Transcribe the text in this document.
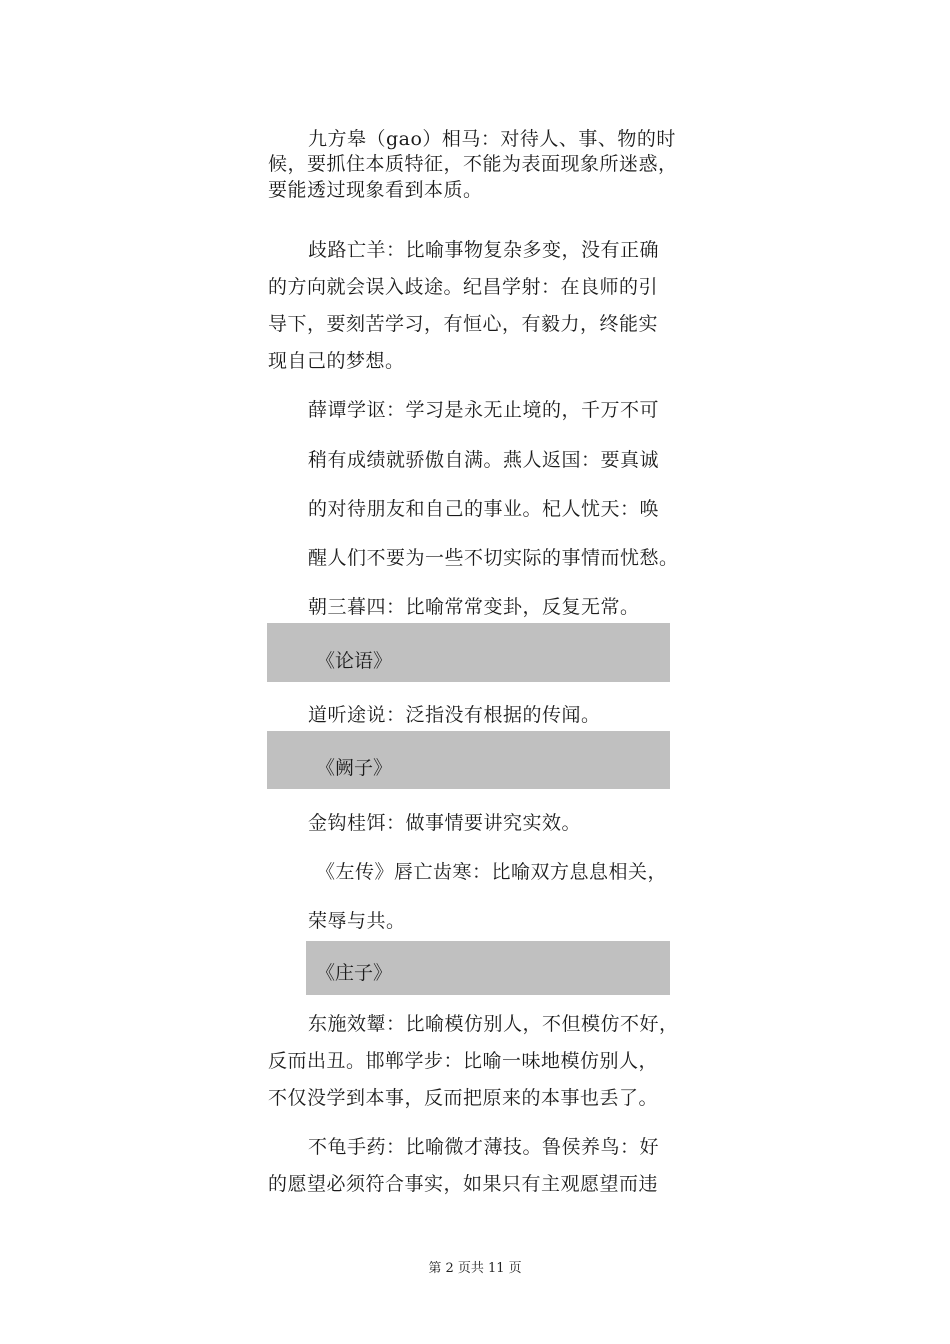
九方皋（gao）相马：对待人、事、物的时
候，要抓住本质特征，不能为表面现象所迷惑，
要能透过现象看到本质。
歧路亡羊：比喻事物复杂多变，没有正确
的方向就会误入歧途。纪昌学射：在良师的引
导下，要刻苦学习，有恒心，有毅力，终能实
现自己的梦想。
薛谭学讴：学习是永无止境的，千万不可
稍有成绩就骄傲自满。燕人返国：要真诚
的对待朋友和自己的事业。杞人忧天：唤
醒人们不要为一些不切实际的事情而忧愁。
朝三暮四：比喻常常变卦，反复无常。
《论语》
道听途说：泛指没有根据的传闻。
《阙子》
金钩桂饵：做事情要讲究实效。
《左传》唇亡齿寒：比喻双方息息相关，
荣辱与共。
《庄子》
东施效颦：比喻模仿别人，不但模仿不好，
反而出丑。邯郸学步：比喻一味地模仿别人，
不仅没学到本事，反而把原来的本事也丢了。
不龟手药：比喻微才薄技。鲁侯养鸟：好
的愿望必须符合事实，如果只有主观愿望而违
第 2 页共 11 页
